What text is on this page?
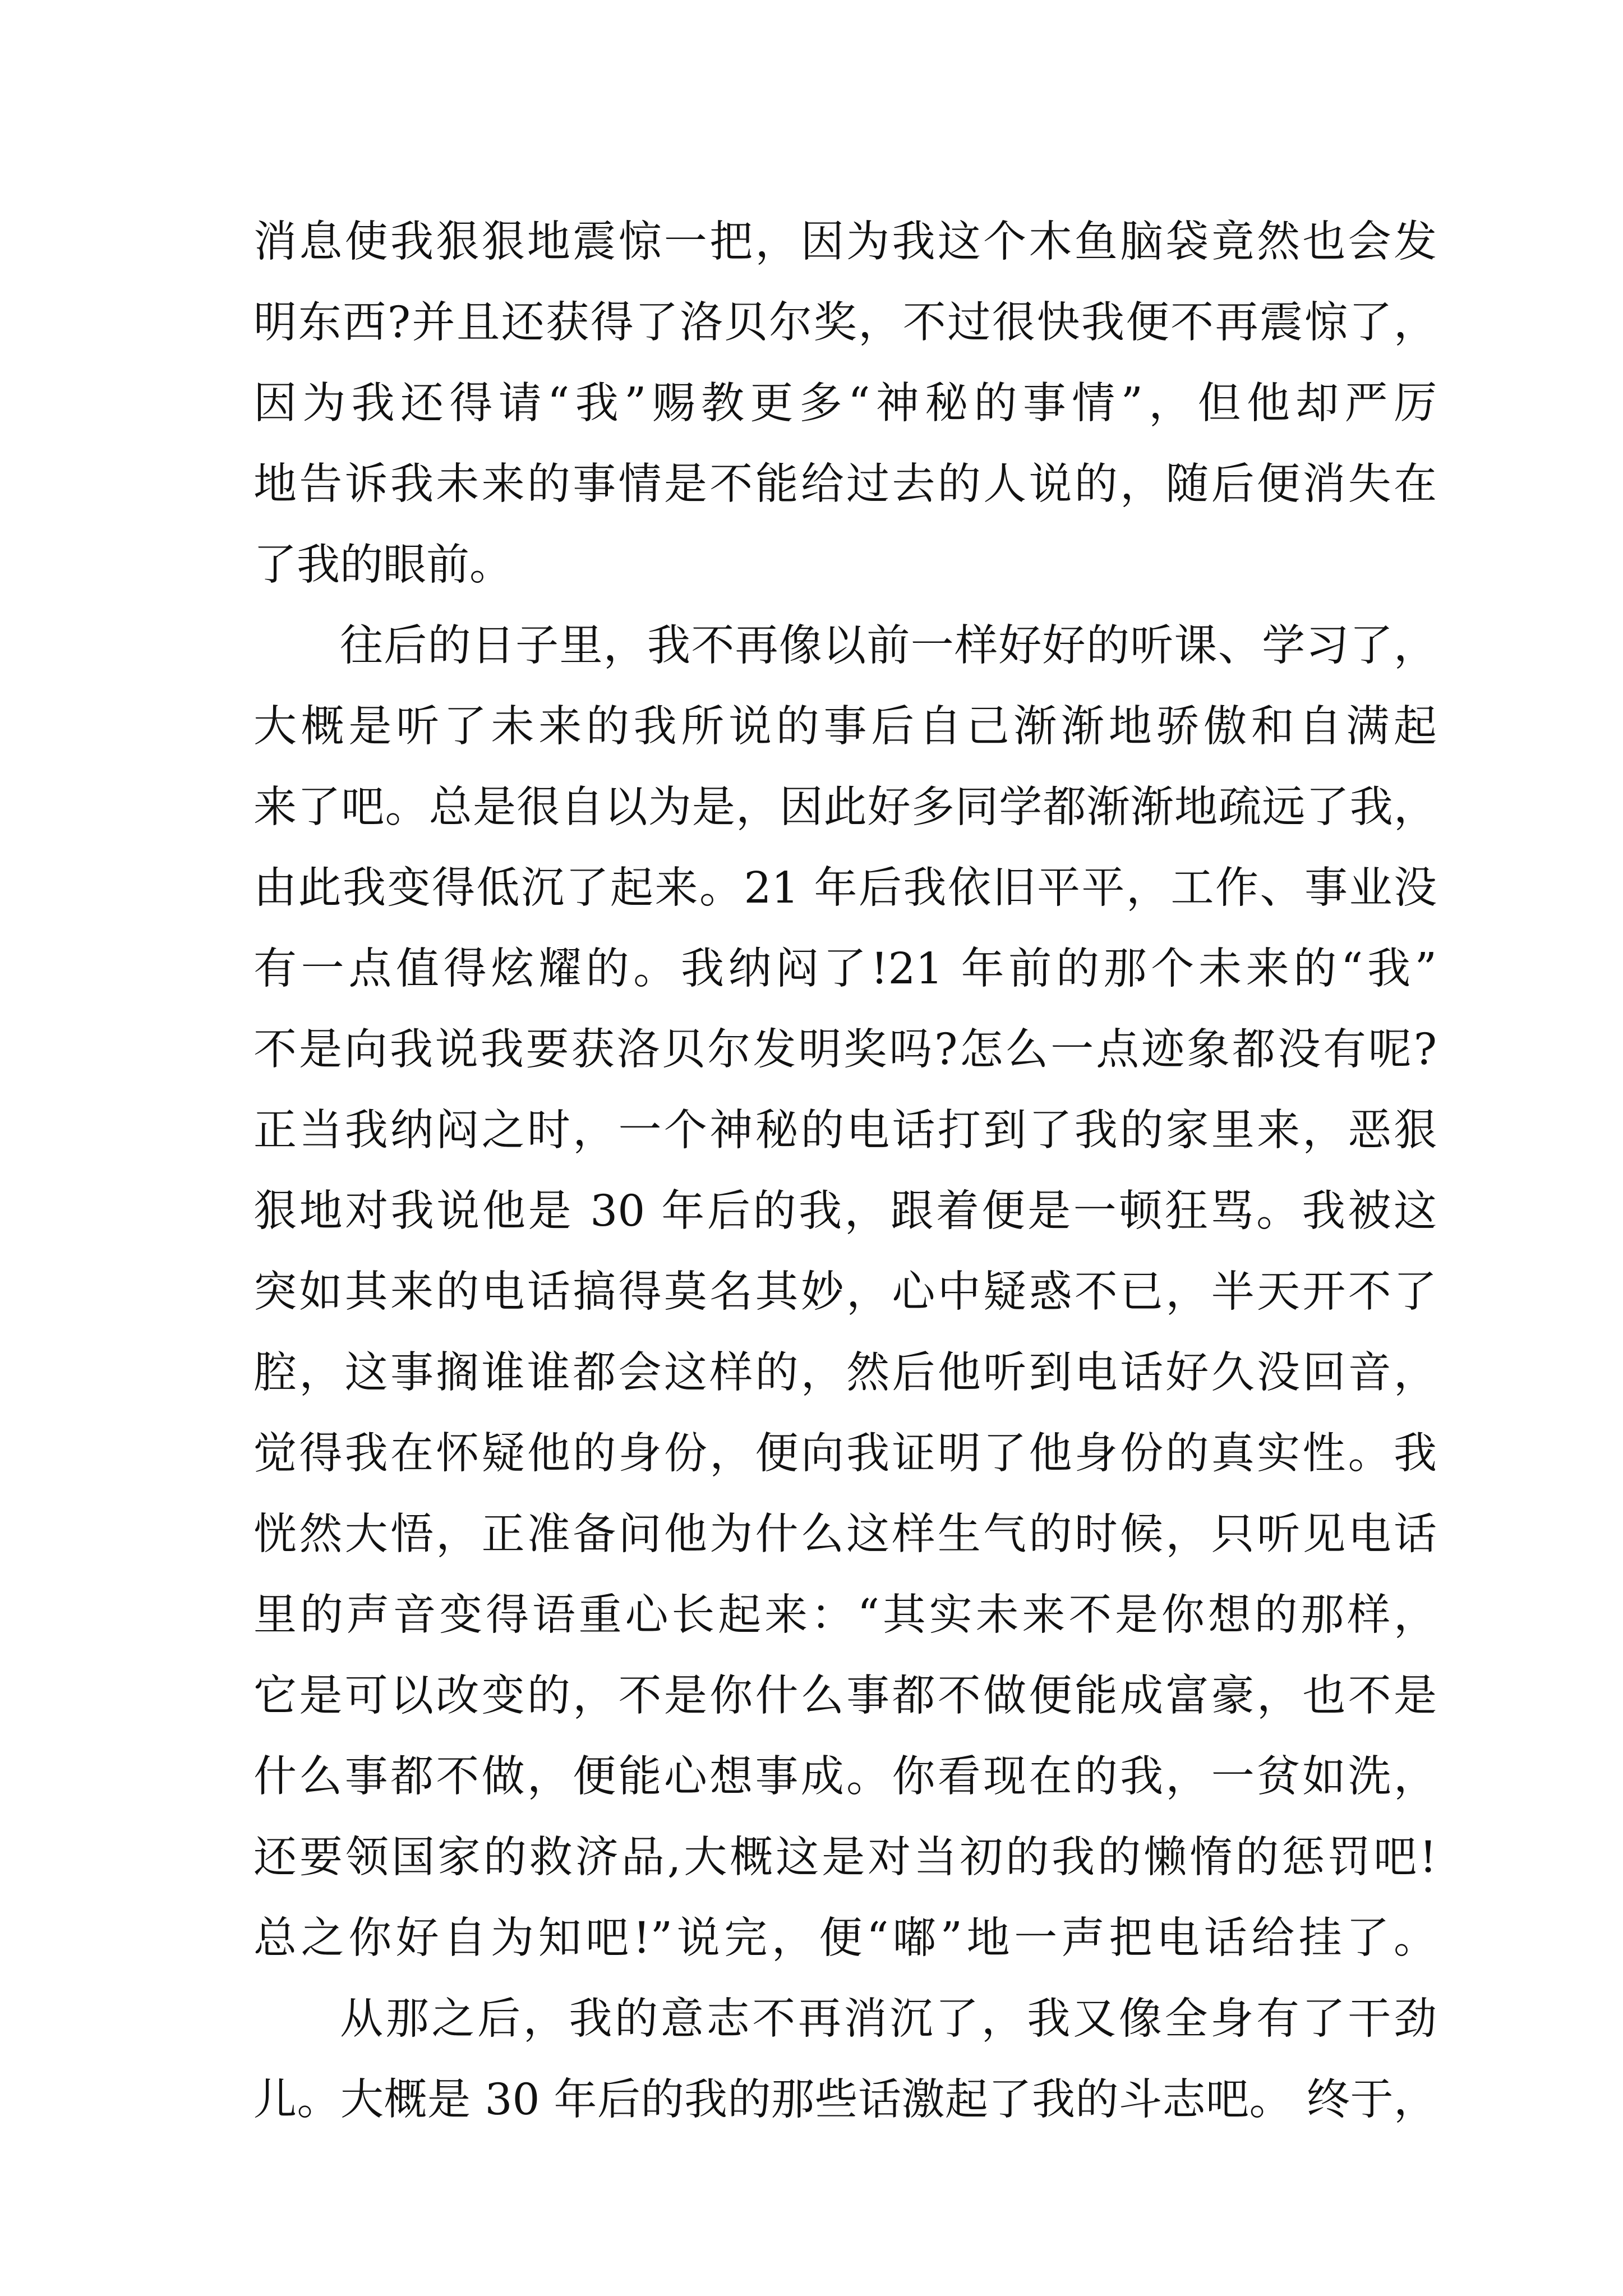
消息使我狠狠地震惊一把，因为我这个木鱼脑袋竟然也会发
明东西?并且还获得了洛贝尔奖，不过很快我便不再震惊了，
因为我还得请“我”赐教更多“神秘的事情”，但他却严厉
地告诉我未来的事情是不能给过去的人说的，随后便消失在
了我的眼前。
往后的日子里，我不再像以前一样好好的听课、学习了，
大概是听了未来的我所说的事后自己渐渐地骄傲和自满起
来了吧。总是很自以为是，因此好多同学都渐渐地疏远了我，
由此我变得低沉了起来。21 年后我依旧平平，工作、事业没
有一点值得炫耀的。我纳闷了!21 年前的那个未来的“我”
不是向我说我要获洛贝尔发明奖吗?怎么一点迹象都没有呢?
正当我纳闷之时，一个神秘的电话打到了我的家里来，恶狠
狠地对我说他是 30 年后的我，跟着便是一顿狂骂。我被这
突如其来的电话搞得莫名其妙，心中疑惑不已，半天开不了
腔，这事搁谁谁都会这样的，然后他听到电话好久没回音，
觉得我在怀疑他的身份，便向我证明了他身份的真实性。我
恍然大悟，正准备问他为什么这样生气的时候，只听见电话
里的声音变得语重心长起来：“其实未来不是你想的那样，
它是可以改变的，不是你什么事都不做便能成富豪，也不是
什么事都不做，便能心想事成。你看现在的我，一贫如洗，
还要领国家的救济品,大概这是对当初的我的懒惰的惩罚吧!
总之你好自为知吧!”说完，便“嘟”地一声把电话给挂了。
从那之后，我的意志不再消沉了，我又像全身有了干劲
儿。大概是 30 年后的我的那些话激起了我的斗志吧。 终于，
